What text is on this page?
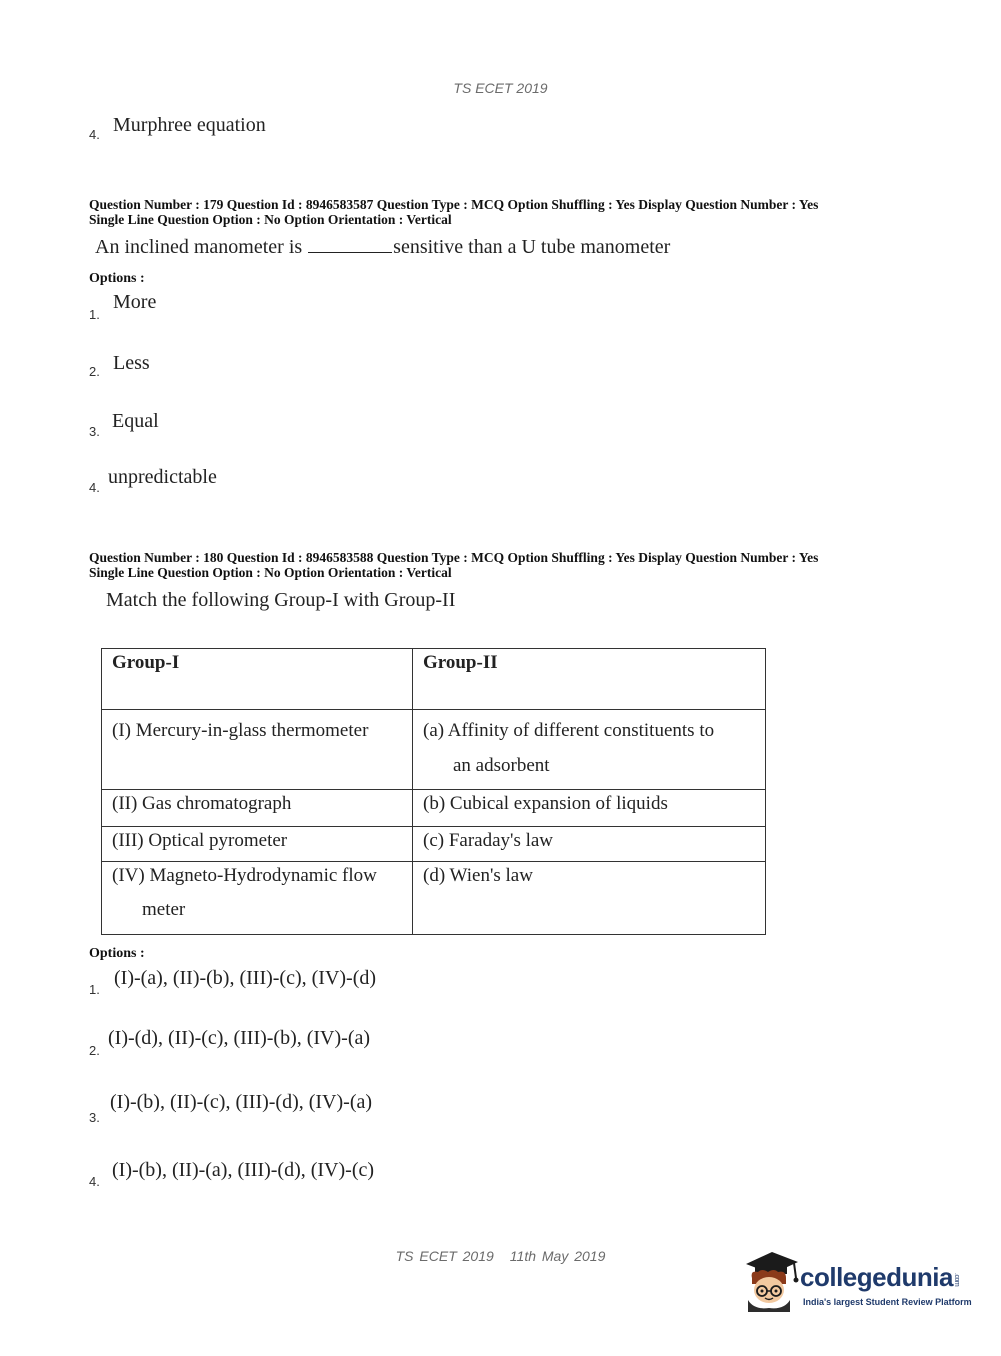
TS ECET 2019
4. Murphree equation
Question Number : 179 Question Id : 8946583587 Question Type : MCQ Option Shuffling : Yes Display Question Number : Yes
Single Line Question Option : No Option Orientation : Vertical
An inclined manometer is	sensitive than a U tube manometer
Options :
1.
More
2. Less
3. Equal
4. unpredictable
Question Number : 180 Question Id : 8946583588 Question Type : MCQ Option Shuffling : Yes Display Question Number : Yes
Single Line Question Option : No Option Orientation : Vertical
Match the following Group-I with Group-II
Group-I	Group-II
(I) Mercury-in-glass thermometer	(a) Affinity of different constituents to
an adsorbent

(II) Gas chromatograph	(b) Cubical expansion of liquids
(III) Optical pyrometer	(c) Faraday's law

(IV) Magneto-Hydrodynamic flow
meter	(d) Wien's law
Options :
1.
(I)-(a), (II)-(b), (III)-(c), (IV)-(d)
2.
(I)-(d), (II)-(c), (III)-(b), (IV)-(a)
3.
(I)-(b), (II)-(c), (III)-(d), (IV)-(a)
4.
(I)-(b), (II)-(a), (III)-(d), (IV)-(c)
TS ECET 2019 11th May 2019
collegedunia.com
India's largest Student Review Platform
